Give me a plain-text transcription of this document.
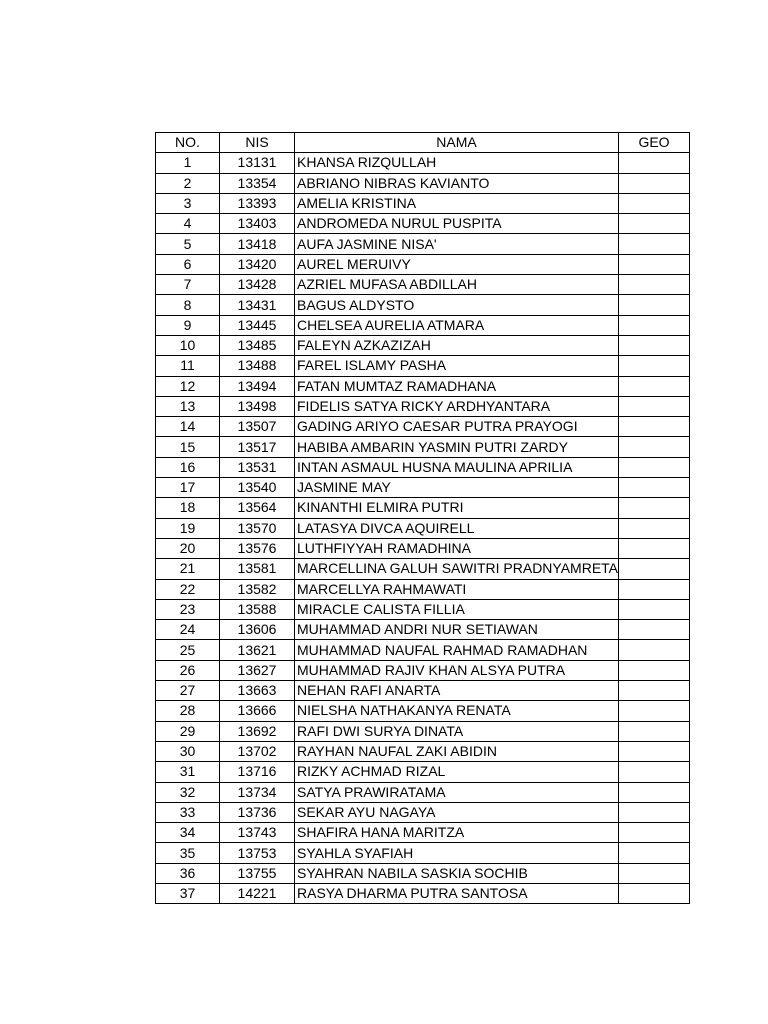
NO.	NIS	NAMA	GEO
1	13131	KHANSA RIZQULLAH	
2	13354	ABRIANO NIBRAS KAVIANTO	
3	13393	AMELIA KRISTINA	
4	13403	ANDROMEDA NURUL PUSPITA	
5	13418	AUFA JASMINE NISA'	
6	13420	AUREL MERUIVY	
7	13428	AZRIEL MUFASA ABDILLAH	
8	13431	BAGUS ALDYSTO	
9	13445	CHELSEA AURELIA ATMARA	
10	13485	FALEYN AZKAZIZAH	
11	13488	FAREL ISLAMY PASHA	
12	13494	FATAN MUMTAZ RAMADHANA	
13	13498	FIDELIS SATYA RICKY ARDHYANTARA	
14	13507	GADING ARIYO CAESAR PUTRA PRAYOGI	
15	13517	HABIBA AMBARIN YASMIN PUTRI ZARDY	
16	13531	INTAN ASMAUL HUSNA MAULINA APRILIA	
17	13540	JASMINE MAY	
18	13564	KINANTHI ELMIRA PUTRI	
19	13570	LATASYA DIVCA AQUIRELL	
20	13576	LUTHFIYYAH RAMADHINA	
21	13581	MARCELLINA GALUH SAWITRI PRADNYAMRETA	
22	13582	MARCELLYA RAHMAWATI	
23	13588	MIRACLE CALISTA FILLIA	
24	13606	MUHAMMAD ANDRI NUR SETIAWAN	
25	13621	MUHAMMAD NAUFAL RAHMAD RAMADHAN	
26	13627	MUHAMMAD RAJIV KHAN ALSYA PUTRA	
27	13663	NEHAN RAFI ANARTA	
28	13666	NIELSHA NATHAKANYA RENATA	
29	13692	RAFI DWI SURYA DINATA	
30	13702	RAYHAN NAUFAL ZAKI ABIDIN	
31	13716	RIZKY ACHMAD RIZAL	
32	13734	SATYA PRAWIRATAMA	
33	13736	SEKAR AYU NAGAYA	
34	13743	SHAFIRA HANA MARITZA	
35	13753	SYAHLA SYAFIAH	
36	13755	SYAHRAN NABILA SASKIA SOCHIB	
37	14221	RASYA DHARMA PUTRA SANTOSA	
